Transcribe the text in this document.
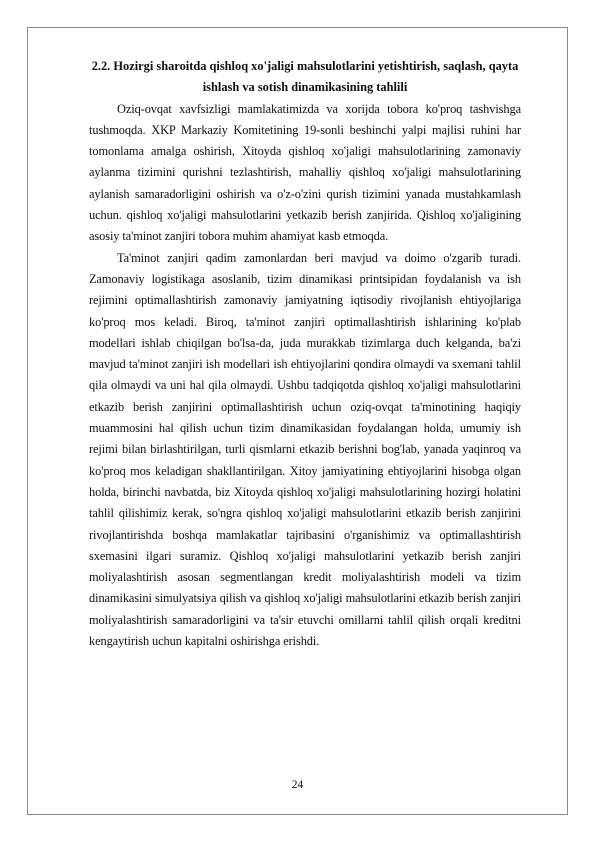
2.2. Hozirgi sharoitda qishloq xo'jaligi mahsulotlarini yetishtirish, saqlash, qayta ishlash va sotish dinamikasining tahlili

Oziq-ovqat xavfsizligi mamlakatimizda va xorijda tobora ko'proq tashvishga tushmoqda. XKP Markaziy Komitetining 19-sonli beshinchi yalpi majlisi ruhini har tomonlama amalga oshirish, Xitoyda qishloq xo'jaligi mahsulotlarining zamonaviy aylanma tizimini qurishni tezlashtirish, mahalliy qishloq xo'jaligi mahsulotlarining aylanish samaradorligini oshirish va o'z-o'zini qurish tizimini yanada mustahkamlash uchun. qishloq xo'jaligi mahsulotlarini yetkazib berish zanjirida. Qishloq xo'jaligining asosiy ta'minot zanjiri tobora muhim ahamiyat kasb etmoqda.

Ta'minot zanjiri qadim zamonlardan beri mavjud va doimo o'zgarib turadi. Zamonaviy logistikaga asoslanib, tizim dinamikasi printsipidan foydalanish va ish rejimini optimallashtirish zamonaviy jamiyatning iqtisodiy rivojlanish ehtiyojlariga ko'proq mos keladi. Biroq, ta'minot zanjiri optimallashtirish ishlarining ko'plab modellari ishlab chiqilgan bo'lsa-da, juda murakkab tizimlarga duch kelganda, ba'zi mavjud ta'minot zanjiri ish modellari ish ehtiyojlarini qondira olmaydi va sxemani tahlil qila olmaydi va uni hal qila olmaydi. Ushbu tadqiqotda qishloq xo'jaligi mahsulotlarini etkazib berish zanjirini optimallashtirish uchun oziq-ovqat ta'minotining haqiqiy muammosini hal qilish uchun tizim dinamikasidan foydalangan holda, umumiy ish rejimi bilan birlashtirilgan, turli qismlarni etkazib berishni bog'lab, yanada yaqinroq va ko'proq mos keladigan shakllantirilgan. Xitoy jamiyatining ehtiyojlarini hisobga olgan holda, birinchi navbatda, biz Xitoyda qishloq xo'jaligi mahsulotlarining hozirgi holatini tahlil qilishimiz kerak, so'ngra qishloq xo'jaligi mahsulotlarini etkazib berish zanjirini rivojlantirishda boshqa mamlakatlar tajribasini o'rganishimiz va optimallashtirish sxemasini ilgari suramiz. Qishloq xo'jaligi mahsulotlarini yetkazib berish zanjiri moliyalashtirish asosan segmentlangan kredit moliyalashtirish modeli va tizim dinamikasini simulyatsiya qilish va qishloq xo'jaligi mahsulotlarini etkazib berish zanjiri moliyalashtirish samaradorligini va ta'sir etuvchi omillarni tahlil qilish orqali kreditni kengaytirish uchun kapitalni oshirishga erishdi.

24
